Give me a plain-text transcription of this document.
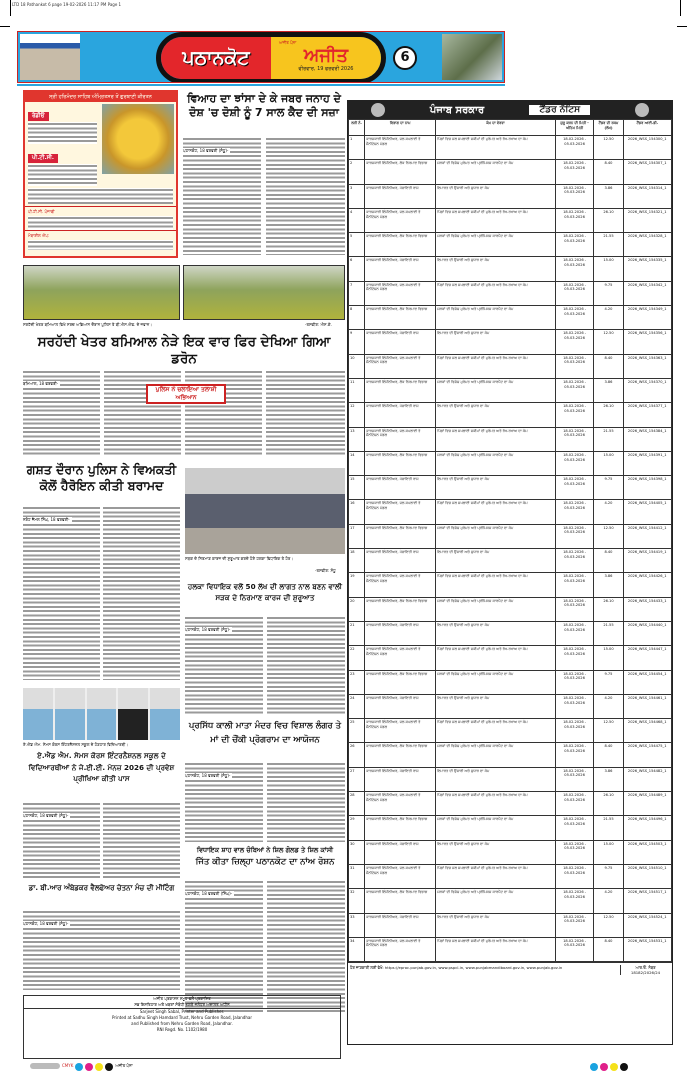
LTD 18 Pathankot 6 page 19-02-2026 11:17 PM Page 1
ਪਠਾਨਕੋਟ
ਅਜੀਤ ਪੰਨਾ
ਅਜੀਤ
ਵੀਰਵਾਰ, 19 ਫਰਵਰੀ 2026
6
ਸ੍ਰੀ ਹਰਿਮੰਦਰ ਸਾਹਿਬ ਅੰਮ੍ਰਿਤਸਰ ਤੋਂ ਗੁਰਬਾਣੀ ਕੀਰਤਨ
ਰੇਡੀਓ
ਪੀ.ਟੀ.ਸੀ.
ਪੀ.ਟੀ.ਸੀ. ਪੰਜਾਬੀ
ਮੋਬਾਈਲ ਐਪ:
ਵਿਆਹ ਦਾ ਝਾਂਸਾ ਦੇ ਕੇ ਜਬਰ ਜਨਾਹ ਦੇ ਦੋਸ਼ 'ਚ ਦੋਸ਼ੀ ਨੂੰ 7 ਸਾਲ ਕੈਦ ਦੀ ਸਜ਼ਾ
ਪਠਾਨਕੋਟ, 18 ਫਰਵਰੀ (ਸੰਧੂ)-
ਸਰਹੱਦੀ ਖੇਤਰ ਬਮਿਆਲ ਵਿਖੇ ਸਰਚ ਅਭਿਆਨ ਦੌਰਾਨ ਪੁਲਿਸ ਤੇ ਬੀ.ਐਸ.ਐਫ. ਦੇ ਜਵਾਨ।	-ਤਸਵੀਰ: ਐਸ.ਕੇ.
ਸਰਹੱਦੀ ਖੇਤਰ ਬਮਿਆਲ ਨੇੜੇ ਇਕ ਵਾਰ ਫਿਰ ਦੇਖਿਆ ਗਿਆ ਡਰੋਨ
ਬਮਿਆਲ, 18 ਫਰਵਰੀ-
ਪੁਲਿਸ ਨੇ ਚਲਾਇਆ ਤਲਾਸ਼ੀ ਅਭਿਆਨ
ਗਸ਼ਤ ਦੌਰਾਨ ਪੁਲਿਸ ਨੇ ਵਿਅਕਤੀ ਕੋਲੋਂ ਹੈਰੋਇਨ ਕੀਤੀ ਬਰਾਮਦ
ਨਰੋਟ ਜੈਮਲ ਸਿੰਘ, 18 ਫਰਵਰੀ-
ਸੜਕ ਦੇ ਨਿਰਮਾਣ ਕਾਰਜ ਦੀ ਸ਼ੁਰੂਆਤ ਕਰਦੇ ਹੋਏ ਹਲਕਾ ਵਿਧਾਇਕ ਤੇ ਹੋਰ।
-ਤਸਵੀਰ: ਸੰਧੂ
ਹਲਕਾ ਵਿਧਾਇਕ ਵਲੋਂ 50 ਲੱਖ ਦੀ ਲਾਗਤ ਨਾਲ ਬਣਨ ਵਾਲੀ ਸੜਕ ਦੇ ਨਿਰਮਾਣ ਕਾਰਜ ਦੀ ਸ਼ੁਰੂਆਤ
ਪਠਾਨਕੋਟ, 18 ਫਰਵਰੀ (ਸੰਧੂ)-
ਪ੍ਰਸਿੱਧ ਕਾਲੀ ਮਾਤਾ ਮੰਦਰ ਵਿਚ ਵਿਸ਼ਾਲ ਲੰਗਰ ਤੇ ਮਾਂ ਦੀ ਚੌਂਕੀ ਪ੍ਰੋਗਰਾਮ ਦਾ ਆਯੋਜਨ
ਪਠਾਨਕੋਟ, 18 ਫਰਵਰੀ (ਸੰਧੂ)-
ਵਿਧਾਇਕ ਸ਼ਾਹ ਵਾਲ ਚੰਬਿਆਂ ਨੇ ਸ਼ਿਲ ਗੋਲਡ ਤੇ ਸ਼ਿਲ ਕਾਂਸੀ
ਜਿੱਤ ਕੀਤਾ ਜ਼ਿਲ੍ਹਾ ਪਠਾਨਕੋਟ ਦਾ ਨਾਂਅ ਰੋਸ਼ਨ
ਪਠਾਨਕੋਟ, 18 ਫਰਵਰੀ (ਸਿੰਘ)-
ਏ.ਐਂਡ ਐਮ. ਸੇਮਸ ਕੋਰਸ ਇੰਟਰਨੈਸ਼ਨਲ ਸਕੂਲ ਦੇ ਹੋਣਹਾਰ ਵਿਦਿਆਰਥੀ।
ਏ.ਐਂਡ ਐਮ. ਸੇਮਸ ਕੋਰਸ ਇੰਟਰਨੈਸ਼ਨਲ ਸਕੂਲ ਦੇ ਵਿਦਿਆਰਥੀਆਂ ਨੇ ਜੇ.ਈ.ਈ. ਮੇਨਜ਼ 2026 ਦੀ ਪ੍ਰਵੇਸ਼ ਪ੍ਰੀਖਿਆ ਕੀਤੀ ਪਾਸ
ਪਠਾਨਕੋਟ, 18 ਫਰਵਰੀ (ਸੰਧੂ)-
ਡਾ. ਬੀ.ਆਰ ਅੰਬੇਡਕਰ ਵੈਲਫੇਅਰ ਚੇਤਨਾ ਮੰਚ ਦੀ ਮੀਟਿੰਗ
ਪਠਾਨਕੋਟ, 18 ਫਰਵਰੀ (ਸੰਧੂ)-
ਅਜੀਤ ਪ੍ਰਕਾਸ਼ਨ ਸਮੂਹ ਵਲੋਂ ਪ੍ਰਕਾਸ਼ਿਤ
ਸਭ ਇਸ਼ਤਿਹਾਰ ਅਤੇ ਖ਼ਬਰਾਂ ਸੰਬੰਧੀ ਝਗੜੇ ਜਲੰਧਰ ਅਦਾਲਤ ਅਧੀਨ
Sarjeet Singh Sabal, Printer and Publisher.
Printed at Sadhu Singh Hamdard Trust, Nehru Garden Road, Jalandhar
and Published from Nehru Garden Road, Jalandhar.
RNI Regd. No. 1102/1980
ਪੰਜਾਬ ਸਰਕਾਰ	ਟੈਂਡਰ ਨੋਟਿਸ
ਲੜੀ ਨੰ.	ਵਿਭਾਗ ਦਾ ਨਾਮ	ਕੰਮ ਦਾ ਵੇਰਵਾ	ਸ਼ੁਰੂ ਕਰਨ ਦੀ ਮਿਤੀ - ਅੰਤਿਮ ਮਿਤੀ	ਟੈਂਡਰ ਦੀ ਰਕਮ (ਲੱਖ)	ਟੈਂਡਰ ਆਈ.ਡੀ.
1	ਕਾਰਜਕਾਰੀ ਇੰਜੀਨੀਅਰ, ਜਲ ਸਪਲਾਈ ਤੇ ਸੈਨੀਟੇਸ਼ਨ ਮੰਡਲ	ਪਿੰਡਾਂ ਵਿਚ ਜਲ ਸਪਲਾਈ ਸਕੀਮਾਂ ਦੀ ਮੁਰੰਮਤ ਅਤੇ ਰੱਖ-ਰਖਾਅ ਦਾ ਕੰਮ	18.02.2026 - 05.03.2026	12.50	2026_WSS_154300_1
2	ਕਾਰਜਕਾਰੀ ਇੰਜੀਨੀਅਰ, ਲੋਕ ਨਿਰਮਾਣ ਵਿਭਾਗ	ਸੜਕਾਂ ਦੀ ਵਿਸ਼ੇਸ਼ ਮੁਰੰਮਤ ਅਤੇ ਪ੍ਰੀਮਿਕਸ ਕਾਰਪੈਟ ਦਾ ਕੰਮ	18.02.2026 - 05.03.2026	8.40	2026_WSS_154307_1
3	ਕਾਰਜਕਾਰੀ ਇੰਜੀਨੀਅਰ, ਪੰਚਾਇਤੀ ਰਾਜ	ਇਮਾਰਤ ਦੀ ਉਸਾਰੀ ਅਤੇ ਸੁਧਾਰ ਦਾ ਕੰਮ	18.02.2026 - 05.03.2026	3.86	2026_WSS_154314_1
4	ਕਾਰਜਕਾਰੀ ਇੰਜੀਨੀਅਰ, ਜਲ ਸਪਲਾਈ ਤੇ ਸੈਨੀਟੇਸ਼ਨ ਮੰਡਲ	ਪਿੰਡਾਂ ਵਿਚ ਜਲ ਸਪਲਾਈ ਸਕੀਮਾਂ ਦੀ ਮੁਰੰਮਤ ਅਤੇ ਰੱਖ-ਰਖਾਅ ਦਾ ਕੰਮ	18.02.2026 - 05.03.2026	26.10	2026_WSS_154321_1
5	ਕਾਰਜਕਾਰੀ ਇੰਜੀਨੀਅਰ, ਲੋਕ ਨਿਰਮਾਣ ਵਿਭਾਗ	ਸੜਕਾਂ ਦੀ ਵਿਸ਼ੇਸ਼ ਮੁਰੰਮਤ ਅਤੇ ਪ੍ਰੀਮਿਕਸ ਕਾਰਪੈਟ ਦਾ ਕੰਮ	18.02.2026 - 05.03.2026	21.55	2026_WSS_154328_1
6	ਕਾਰਜਕਾਰੀ ਇੰਜੀਨੀਅਰ, ਪੰਚਾਇਤੀ ਰਾਜ	ਇਮਾਰਤ ਦੀ ਉਸਾਰੀ ਅਤੇ ਸੁਧਾਰ ਦਾ ਕੰਮ	18.02.2026 - 05.03.2026	15.00	2026_WSS_154335_1
7	ਕਾਰਜਕਾਰੀ ਇੰਜੀਨੀਅਰ, ਜਲ ਸਪਲਾਈ ਤੇ ਸੈਨੀਟੇਸ਼ਨ ਮੰਡਲ	ਪਿੰਡਾਂ ਵਿਚ ਜਲ ਸਪਲਾਈ ਸਕੀਮਾਂ ਦੀ ਮੁਰੰਮਤ ਅਤੇ ਰੱਖ-ਰਖਾਅ ਦਾ ਕੰਮ	18.02.2026 - 05.03.2026	9.75	2026_WSS_154342_1
8	ਕਾਰਜਕਾਰੀ ਇੰਜੀਨੀਅਰ, ਲੋਕ ਨਿਰਮਾਣ ਵਿਭਾਗ	ਸੜਕਾਂ ਦੀ ਵਿਸ਼ੇਸ਼ ਮੁਰੰਮਤ ਅਤੇ ਪ੍ਰੀਮਿਕਸ ਕਾਰਪੈਟ ਦਾ ਕੰਮ	18.02.2026 - 05.03.2026	4.20	2026_WSS_154349_1
9	ਕਾਰਜਕਾਰੀ ਇੰਜੀਨੀਅਰ, ਪੰਚਾਇਤੀ ਰਾਜ	ਇਮਾਰਤ ਦੀ ਉਸਾਰੀ ਅਤੇ ਸੁਧਾਰ ਦਾ ਕੰਮ	18.02.2026 - 05.03.2026	12.50	2026_WSS_154356_1
10	ਕਾਰਜਕਾਰੀ ਇੰਜੀਨੀਅਰ, ਜਲ ਸਪਲਾਈ ਤੇ ਸੈਨੀਟੇਸ਼ਨ ਮੰਡਲ	ਪਿੰਡਾਂ ਵਿਚ ਜਲ ਸਪਲਾਈ ਸਕੀਮਾਂ ਦੀ ਮੁਰੰਮਤ ਅਤੇ ਰੱਖ-ਰਖਾਅ ਦਾ ਕੰਮ	18.02.2026 - 05.03.2026	8.40	2026_WSS_154363_1
11	ਕਾਰਜਕਾਰੀ ਇੰਜੀਨੀਅਰ, ਲੋਕ ਨਿਰਮਾਣ ਵਿਭਾਗ	ਸੜਕਾਂ ਦੀ ਵਿਸ਼ੇਸ਼ ਮੁਰੰਮਤ ਅਤੇ ਪ੍ਰੀਮਿਕਸ ਕਾਰਪੈਟ ਦਾ ਕੰਮ	18.02.2026 - 05.03.2026	3.86	2026_WSS_154370_1
12	ਕਾਰਜਕਾਰੀ ਇੰਜੀਨੀਅਰ, ਪੰਚਾਇਤੀ ਰਾਜ	ਇਮਾਰਤ ਦੀ ਉਸਾਰੀ ਅਤੇ ਸੁਧਾਰ ਦਾ ਕੰਮ	18.02.2026 - 05.03.2026	26.10	2026_WSS_154377_1
13	ਕਾਰਜਕਾਰੀ ਇੰਜੀਨੀਅਰ, ਜਲ ਸਪਲਾਈ ਤੇ ਸੈਨੀਟੇਸ਼ਨ ਮੰਡਲ	ਪਿੰਡਾਂ ਵਿਚ ਜਲ ਸਪਲਾਈ ਸਕੀਮਾਂ ਦੀ ਮੁਰੰਮਤ ਅਤੇ ਰੱਖ-ਰਖਾਅ ਦਾ ਕੰਮ	18.02.2026 - 05.03.2026	21.55	2026_WSS_154384_1
14	ਕਾਰਜਕਾਰੀ ਇੰਜੀਨੀਅਰ, ਲੋਕ ਨਿਰਮਾਣ ਵਿਭਾਗ	ਸੜਕਾਂ ਦੀ ਵਿਸ਼ੇਸ਼ ਮੁਰੰਮਤ ਅਤੇ ਪ੍ਰੀਮਿਕਸ ਕਾਰਪੈਟ ਦਾ ਕੰਮ	18.02.2026 - 05.03.2026	15.00	2026_WSS_154391_1
15	ਕਾਰਜਕਾਰੀ ਇੰਜੀਨੀਅਰ, ਪੰਚਾਇਤੀ ਰਾਜ	ਇਮਾਰਤ ਦੀ ਉਸਾਰੀ ਅਤੇ ਸੁਧਾਰ ਦਾ ਕੰਮ	18.02.2026 - 05.03.2026	9.75	2026_WSS_154398_1
16	ਕਾਰਜਕਾਰੀ ਇੰਜੀਨੀਅਰ, ਜਲ ਸਪਲਾਈ ਤੇ ਸੈਨੀਟੇਸ਼ਨ ਮੰਡਲ	ਪਿੰਡਾਂ ਵਿਚ ਜਲ ਸਪਲਾਈ ਸਕੀਮਾਂ ਦੀ ਮੁਰੰਮਤ ਅਤੇ ਰੱਖ-ਰਖਾਅ ਦਾ ਕੰਮ	18.02.2026 - 05.03.2026	4.20	2026_WSS_154405_1
17	ਕਾਰਜਕਾਰੀ ਇੰਜੀਨੀਅਰ, ਲੋਕ ਨਿਰਮਾਣ ਵਿਭਾਗ	ਸੜਕਾਂ ਦੀ ਵਿਸ਼ੇਸ਼ ਮੁਰੰਮਤ ਅਤੇ ਪ੍ਰੀਮਿਕਸ ਕਾਰਪੈਟ ਦਾ ਕੰਮ	18.02.2026 - 05.03.2026	12.50	2026_WSS_154412_1
18	ਕਾਰਜਕਾਰੀ ਇੰਜੀਨੀਅਰ, ਪੰਚਾਇਤੀ ਰਾਜ	ਇਮਾਰਤ ਦੀ ਉਸਾਰੀ ਅਤੇ ਸੁਧਾਰ ਦਾ ਕੰਮ	18.02.2026 - 05.03.2026	8.40	2026_WSS_154419_1
19	ਕਾਰਜਕਾਰੀ ਇੰਜੀਨੀਅਰ, ਜਲ ਸਪਲਾਈ ਤੇ ਸੈਨੀਟੇਸ਼ਨ ਮੰਡਲ	ਪਿੰਡਾਂ ਵਿਚ ਜਲ ਸਪਲਾਈ ਸਕੀਮਾਂ ਦੀ ਮੁਰੰਮਤ ਅਤੇ ਰੱਖ-ਰਖਾਅ ਦਾ ਕੰਮ	18.02.2026 - 05.03.2026	3.86	2026_WSS_154426_1
20	ਕਾਰਜਕਾਰੀ ਇੰਜੀਨੀਅਰ, ਲੋਕ ਨਿਰਮਾਣ ਵਿਭਾਗ	ਸੜਕਾਂ ਦੀ ਵਿਸ਼ੇਸ਼ ਮੁਰੰਮਤ ਅਤੇ ਪ੍ਰੀਮਿਕਸ ਕਾਰਪੈਟ ਦਾ ਕੰਮ	18.02.2026 - 05.03.2026	26.10	2026_WSS_154433_1
21	ਕਾਰਜਕਾਰੀ ਇੰਜੀਨੀਅਰ, ਪੰਚਾਇਤੀ ਰਾਜ	ਇਮਾਰਤ ਦੀ ਉਸਾਰੀ ਅਤੇ ਸੁਧਾਰ ਦਾ ਕੰਮ	18.02.2026 - 05.03.2026	21.55	2026_WSS_154440_1
22	ਕਾਰਜਕਾਰੀ ਇੰਜੀਨੀਅਰ, ਜਲ ਸਪਲਾਈ ਤੇ ਸੈਨੀਟੇਸ਼ਨ ਮੰਡਲ	ਪਿੰਡਾਂ ਵਿਚ ਜਲ ਸਪਲਾਈ ਸਕੀਮਾਂ ਦੀ ਮੁਰੰਮਤ ਅਤੇ ਰੱਖ-ਰਖਾਅ ਦਾ ਕੰਮ	18.02.2026 - 05.03.2026	15.00	2026_WSS_154447_1
23	ਕਾਰਜਕਾਰੀ ਇੰਜੀਨੀਅਰ, ਲੋਕ ਨਿਰਮਾਣ ਵਿਭਾਗ	ਸੜਕਾਂ ਦੀ ਵਿਸ਼ੇਸ਼ ਮੁਰੰਮਤ ਅਤੇ ਪ੍ਰੀਮਿਕਸ ਕਾਰਪੈਟ ਦਾ ਕੰਮ	18.02.2026 - 05.03.2026	9.75	2026_WSS_154454_1
24	ਕਾਰਜਕਾਰੀ ਇੰਜੀਨੀਅਰ, ਪੰਚਾਇਤੀ ਰਾਜ	ਇਮਾਰਤ ਦੀ ਉਸਾਰੀ ਅਤੇ ਸੁਧਾਰ ਦਾ ਕੰਮ	18.02.2026 - 05.03.2026	4.20	2026_WSS_154461_1
25	ਕਾਰਜਕਾਰੀ ਇੰਜੀਨੀਅਰ, ਜਲ ਸਪਲਾਈ ਤੇ ਸੈਨੀਟੇਸ਼ਨ ਮੰਡਲ	ਪਿੰਡਾਂ ਵਿਚ ਜਲ ਸਪਲਾਈ ਸਕੀਮਾਂ ਦੀ ਮੁਰੰਮਤ ਅਤੇ ਰੱਖ-ਰਖਾਅ ਦਾ ਕੰਮ	18.02.2026 - 05.03.2026	12.50	2026_WSS_154468_1
26	ਕਾਰਜਕਾਰੀ ਇੰਜੀਨੀਅਰ, ਲੋਕ ਨਿਰਮਾਣ ਵਿਭਾਗ	ਸੜਕਾਂ ਦੀ ਵਿਸ਼ੇਸ਼ ਮੁਰੰਮਤ ਅਤੇ ਪ੍ਰੀਮਿਕਸ ਕਾਰਪੈਟ ਦਾ ਕੰਮ	18.02.2026 - 05.03.2026	8.40	2026_WSS_154475_1
27	ਕਾਰਜਕਾਰੀ ਇੰਜੀਨੀਅਰ, ਪੰਚਾਇਤੀ ਰਾਜ	ਇਮਾਰਤ ਦੀ ਉਸਾਰੀ ਅਤੇ ਸੁਧਾਰ ਦਾ ਕੰਮ	18.02.2026 - 05.03.2026	3.86	2026_WSS_154482_1
28	ਕਾਰਜਕਾਰੀ ਇੰਜੀਨੀਅਰ, ਜਲ ਸਪਲਾਈ ਤੇ ਸੈਨੀਟੇਸ਼ਨ ਮੰਡਲ	ਪਿੰਡਾਂ ਵਿਚ ਜਲ ਸਪਲਾਈ ਸਕੀਮਾਂ ਦੀ ਮੁਰੰਮਤ ਅਤੇ ਰੱਖ-ਰਖਾਅ ਦਾ ਕੰਮ	18.02.2026 - 05.03.2026	26.10	2026_WSS_154489_1
29	ਕਾਰਜਕਾਰੀ ਇੰਜੀਨੀਅਰ, ਲੋਕ ਨਿਰਮਾਣ ਵਿਭਾਗ	ਸੜਕਾਂ ਦੀ ਵਿਸ਼ੇਸ਼ ਮੁਰੰਮਤ ਅਤੇ ਪ੍ਰੀਮਿਕਸ ਕਾਰਪੈਟ ਦਾ ਕੰਮ	18.02.2026 - 05.03.2026	21.55	2026_WSS_154496_1
30	ਕਾਰਜਕਾਰੀ ਇੰਜੀਨੀਅਰ, ਪੰਚਾਇਤੀ ਰਾਜ	ਇਮਾਰਤ ਦੀ ਉਸਾਰੀ ਅਤੇ ਸੁਧਾਰ ਦਾ ਕੰਮ	18.02.2026 - 05.03.2026	15.00	2026_WSS_154503_1
31	ਕਾਰਜਕਾਰੀ ਇੰਜੀਨੀਅਰ, ਜਲ ਸਪਲਾਈ ਤੇ ਸੈਨੀਟੇਸ਼ਨ ਮੰਡਲ	ਪਿੰਡਾਂ ਵਿਚ ਜਲ ਸਪਲਾਈ ਸਕੀਮਾਂ ਦੀ ਮੁਰੰਮਤ ਅਤੇ ਰੱਖ-ਰਖਾਅ ਦਾ ਕੰਮ	18.02.2026 - 05.03.2026	9.75	2026_WSS_154510_1
32	ਕਾਰਜਕਾਰੀ ਇੰਜੀਨੀਅਰ, ਲੋਕ ਨਿਰਮਾਣ ਵਿਭਾਗ	ਸੜਕਾਂ ਦੀ ਵਿਸ਼ੇਸ਼ ਮੁਰੰਮਤ ਅਤੇ ਪ੍ਰੀਮਿਕਸ ਕਾਰਪੈਟ ਦਾ ਕੰਮ	18.02.2026 - 05.03.2026	4.20	2026_WSS_154517_1
33	ਕਾਰਜਕਾਰੀ ਇੰਜੀਨੀਅਰ, ਪੰਚਾਇਤੀ ਰਾਜ	ਇਮਾਰਤ ਦੀ ਉਸਾਰੀ ਅਤੇ ਸੁਧਾਰ ਦਾ ਕੰਮ	18.02.2026 - 05.03.2026	12.50	2026_WSS_154524_1
34	ਕਾਰਜਕਾਰੀ ਇੰਜੀਨੀਅਰ, ਜਲ ਸਪਲਾਈ ਤੇ ਸੈਨੀਟੇਸ਼ਨ ਮੰਡਲ	ਪਿੰਡਾਂ ਵਿਚ ਜਲ ਸਪਲਾਈ ਸਕੀਮਾਂ ਦੀ ਮੁਰੰਮਤ ਅਤੇ ਰੱਖ-ਰਖਾਅ ਦਾ ਕੰਮ	18.02.2026 - 05.03.2026	8.40	2026_WSS_154531_1
ਹੋਰ ਜਾਣਕਾਰੀ ਲਈ ਵੇਖੋ: https://eproc.punjab.gov.in, www.pspcl.in, www.punjabmandiboard.gov.in, www.punjab.gov.in	ਆਰ.ਓ. ਨੰਬਰ 18182/2026/24
CMYK	ਅਜੀਤ ਪੰਨਾ
